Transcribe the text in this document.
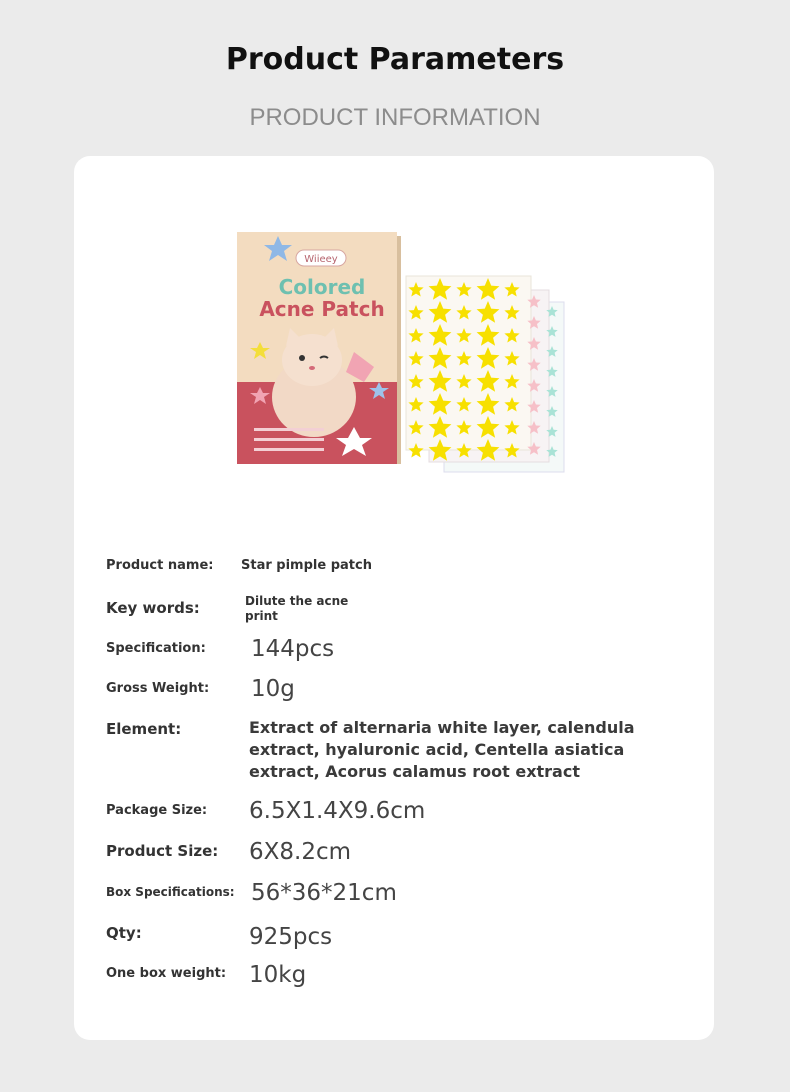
Product Parameters
PRODUCT INFORMATION
Wiieey
Colored
Acne Patch
Product name: Star pimple patch
Key words:	Dilute the acne print
Specification: 144pcs
Gross Weight: 10g
Element:	Extract of alternaria white layer, calendula extract, hyaluronic acid, Centella asiatica extract, Acorus calamus root extract
Package Size: 6.5X1.4X9.6cm
Product Size: 6X8.2cm
Box Specifications: 56*36*21cm
Qty:	925pcs
One box weight: 10kg
